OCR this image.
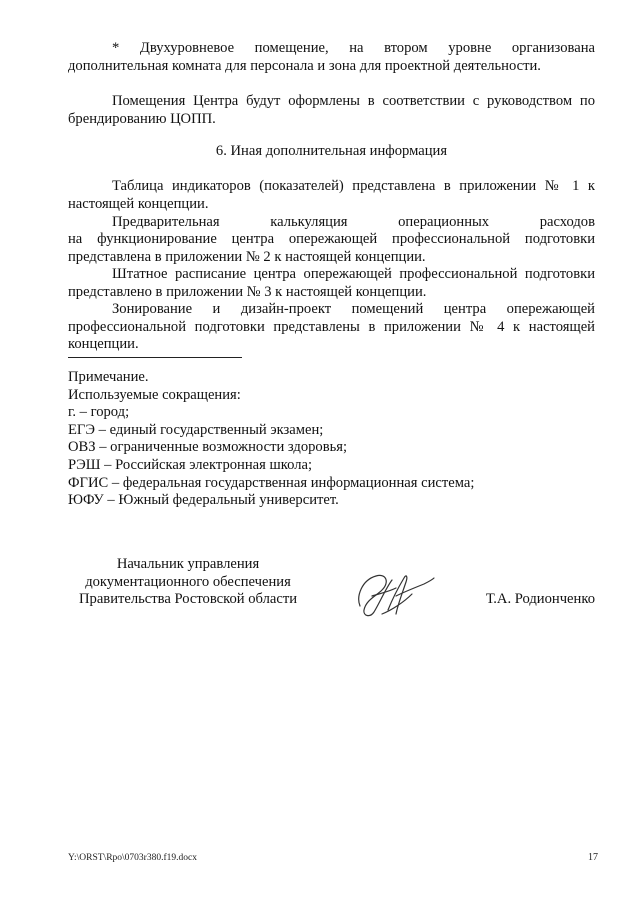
* Двухуровневое помещение, на втором уровне организована дополнительная комната для персонала и зона для проектной деятельности.

Помещения Центра будут оформлены в соответствии с руководством по брендированию ЦОПП.

6. Иная дополнительная информация

Таблица индикаторов (показателей) представлена в приложении № 1 к настоящей концепции.

Предварительная калькуляция операционных расходов

на функционирование центра опережающей профессиональной подготовки представлена в приложении № 2 к настоящей концепции.

Штатное расписание центра опережающей профессиональной подготовки представлено в приложении № 3 к настоящей концепции.

Зонирование и дизайн-проект помещений центра опережающей профессиональной подготовки представлены в приложении № 4 к настоящей концепции.

Примечание.
Используемые сокращения:
г. – город;
ЕГЭ – единый государственный экзамен;
ОВЗ – ограниченные возможности здоровья;
РЭШ – Российская электронная школа;
ФГИС – федеральная государственная информационная система;
ЮФУ – Южный федеральный университет.
Начальник управления
документационного обеспечения
Правительства Ростовской области	Т.А. Родионченко
Y:\ORST\Rpo\0703r380.f19.docx	17
